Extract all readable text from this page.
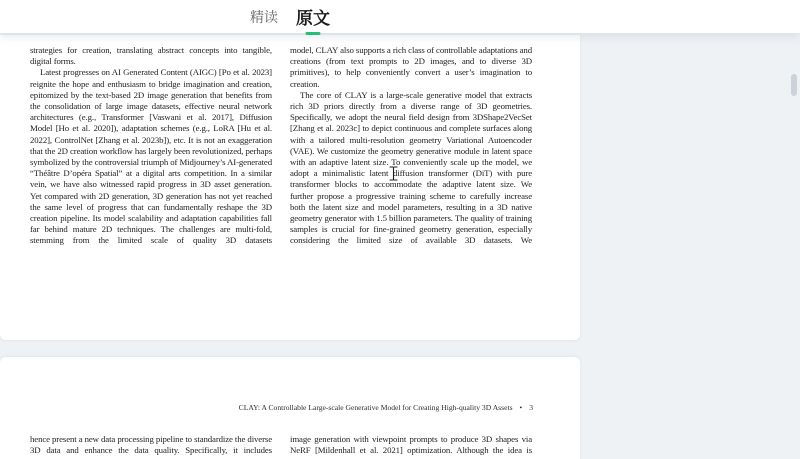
精读 原文
strategies for creation, translating abstract concepts into tangible, digital forms.
Latest progresses on AI Generated Content (AIGC) [Po et al. 2023] reignite the hope and enthusiasm to bridge imagination and creation, epitomized by the text-based 2D image generation that benefits from the consolidation of large image datasets, effective neural network architectures (e.g., Transformer [Vaswani et al. 2017], Diffusion Model [Ho et al. 2020]), adaptation schemes (e.g., LoRA [Hu et al. 2022], ControlNet [Zhang et al. 2023b]), etc. It is not an exaggeration that the 2D creation workflow has largely been revolutionized, perhaps symbolized by the controversial triumph of Midjourney’s AI-generated “Théâtre D’opéra Spatial” at a digital arts competition. In a similar vein, we have also witnessed rapid progress in 3D asset generation. Yet compared with 2D generation, 3D generation has not yet reached the same level of progress that can fundamentally reshape the 3D creation pipeline. Its model scalability and adaptation capabilities fall far behind mature 2D techniques. The challenges are multi-fold, stemming from the limited scale of quality 3D datasets
model, CLAY also supports a rich class of controllable adaptations and creations (from text prompts to 2D images, and to diverse 3D primitives), to help conveniently convert a user’s imagination to creation.
The core of CLAY is a large-scale generative model that extracts rich 3D priors directly from a diverse range of 3D geometries. Specifically, we adopt the neural field design from 3DShape2VecSet [Zhang et al. 2023c] to depict continuous and complete surfaces along with a tailored multi-resolution geometry Variational Autoencoder (VAE). We customize the geometry generative module in latent space with an adaptive latent size. To conveniently scale up the model, we adopt a minimalistic latent diffusion transformer (DiT) with pure transformer blocks to accommodate the adaptive latent size. We further propose a progressive training scheme to carefully increase both the latent size and model parameters, resulting in a 3D native geometry generator with 1.5 billion parameters. The quality of training samples is crucial for fine-grained geometry generation, especially considering the limited size of available 3D datasets. We
CLAY: A Controllable Large-scale Generative Model for Creating High-quality 3D Assets • 3
hence present a new data processing pipeline to standardize the diverse 3D data and enhance the data quality. Specifically, it includes
image generation with viewpoint prompts to produce 3D shapes via NeRF [Mildenhall et al. 2021] optimization. Although the idea is
